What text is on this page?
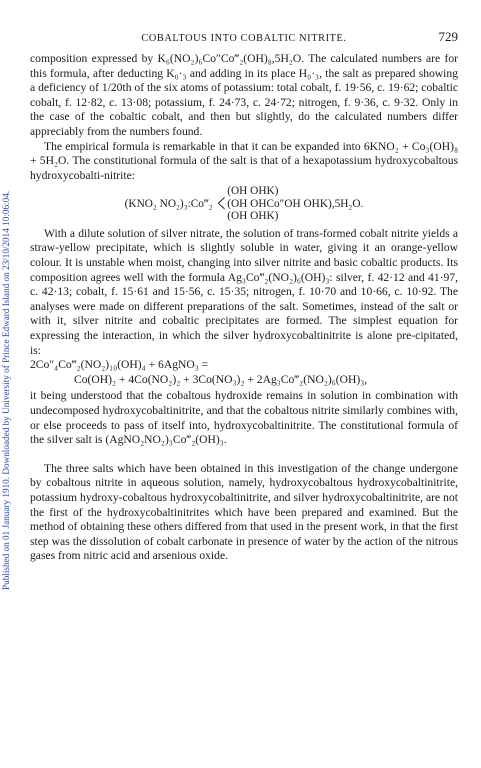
Published on 01 January 1910. Downloaded by University of Prince Edward Island on 23/10/2014 10:06:04.
COBALTOUS INTO COBALTIC NITRITE.	729

composition expressed by K₆(NO₂)₆Co″Co‴₂(OH)₈,5H₂O. The calculated numbers are for this formula, after deducting K₀·₃ and adding in its place H₀·₃, the salt as prepared showing a deficiency of 1/20th of the six atoms of potassium: total cobalt, f. 19·56, c. 19·62; cobaltic cobalt, f. 12·82, c. 13·08; potassium, f. 24·73, c. 24·72; nitrogen, f. 9·36, c. 9·32. Only in the case of the cobaltic cobalt, and then but slightly, do the calculated numbers differ appreciably from the numbers found.

The empirical formula is remarkable in that it can be expanded into 6KNO₂ + Co₃(OH)₈ + 5H₂O. The constitutional formula of the salt is that of a hexapotassium hydroxycobaltous hydroxycobalti-nitrite:

(KNO₂ NO₂)₃:Co‴₂ < (OH OHK)
(OH OHCo″OH OHK),5H₂O.
(OH OHK)

With a dilute solution of silver nitrate, the solution of trans-formed cobalt nitrite yields a straw-yellow precipitate, which is slightly soluble in water, giving it an orange-yellow colour. It is unstable when moist, changing into silver nitrite and basic cobaltic products. Its composition agrees well with the formula Ag₃Co‴₂(NO₂)₆(OH)₃: silver, f. 42·12 and 41·97, c. 42·13; cobalt, f. 15·61 and 15·56, c. 15·35; nitrogen, f. 10·70 and 10·66, c. 10·92. The analyses were made on different preparations of the salt. Sometimes, instead of the salt or with it, silver nitrite and cobaltic precipitates are formed. The simplest equation for expressing the interaction, in which the silver hydroxycobaltinitrite is alone pre-cipitated, is:

2Co″₄Co‴₂(NO₂)₁₀(OH)₄ + 6AgNO₃ =

Co(OH)₂ + 4Co(NO₂)₂ + 3Co(NO₃)₂ + 2Ag₃Co‴₂(NO₂)₆(OH)₃,

it being understood that the cobaltous hydroxide remains in solution in combination with undecomposed hydroxycobaltinitrite, and that the cobaltous nitrite similarly combines with, or else proceeds to pass of itself into, hydroxycobaltinitrite. The constitutional formula of the silver salt is (AgNO₂NO₂)₃Co‴₂(OH)₃.

The three salts which have been obtained in this investigation of the change undergone by cobaltous nitrite in aqueous solution, namely, hydroxycobaltous hydroxycobaltinitrite, potassium hydroxy-cobaltous hydroxycobaltinitrite, and silver hydroxycobaltinitrite, are not the first of the hydroxycobaltinitrites which have been prepared and examined. But the method of obtaining these others differed from that used in the present work, in that the first step was the dissolution of cobalt carbonate in presence of water by the action of the nitrous gases from nitric acid and arsenious oxide.
